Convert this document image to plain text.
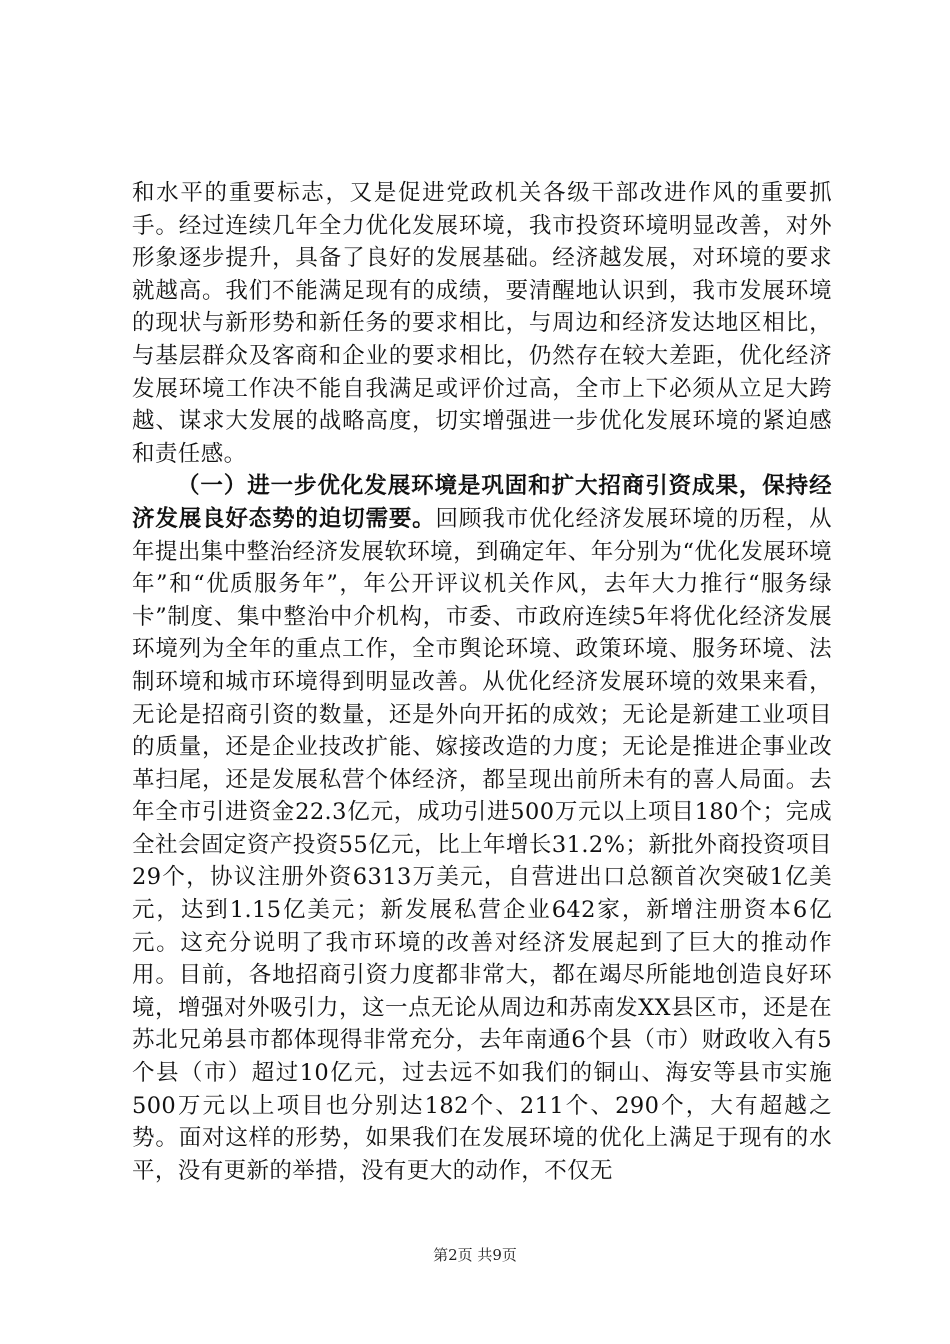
和水平的重要标志，又是促进党政机关各级干部改进作风的重要抓手。经过连续几年全力优化发展环境，我市投资环境明显改善，对外形象逐步提升，具备了良好的发展基础。经济越发展，对环境的要求就越高。我们不能满足现有的成绩，要清醒地认识到，我市发展环境的现状与新形势和新任务的要求相比，与周边和经济发达地区相比，与基层群众及客商和企业的要求相比，仍然存在较大差距，优化经济发展环境工作决不能自我满足或评价过高，全市上下必须从立足大跨越、谋求大发展的战略高度，切实增强进一步优化发展环境的紧迫感和责任感。

（一）进一步优化发展环境是巩固和扩大招商引资成果，保持经济发展良好态势的迫切需要。回顾我市优化经济发展环境的历程，从年提出集中整治经济发展软环境，到确定年、年分别为“优化发展环境年”和“优质服务年”，年公开评议机关作风，去年大力推行“服务绿卡”制度、集中整治中介机构，市委、市政府连续5年将优化经济发展环境列为全年的重点工作，全市舆论环境、政策环境、服务环境、法制环境和城市环境得到明显改善。从优化经济发展环境的效果来看，无论是招商引资的数量，还是外向开拓的成效；无论是新建工业项目的质量，还是企业技改扩能、嫁接改造的力度；无论是推进企事业改革扫尾，还是发展私营个体经济，都呈现出前所未有的喜人局面。去年全市引进资金22.3亿元，成功引进500万元以上项目180个；完成全社会固定资产投资55亿元，比上年增长31.2%；新批外商投资项目29个，协议注册外资6313万美元，自营进出口总额首次突破1亿美元，达到1.15亿美元；新发展私营企业642家，新增注册资本6亿元。这充分说明了我市环境的改善对经济发展起到了巨大的推动作用。目前，各地招商引资力度都非常大，都在竭尽所能地创造良好环境，增强对外吸引力，这一点无论从周边和苏南发XX县区市，还是在苏北兄弟县市都体现得非常充分，去年南通6个县（市）财政收入有5个县（市）超过10亿元，过去远不如我们的铜山、海安等县市实施500万元以上项目也分别达182个、211个、290个，大有超越之势。面对这样的形势，如果我们在发展环境的优化上满足于现有的水平，没有更新的举措，没有更大的动作，不仅无

第2页 共9页
